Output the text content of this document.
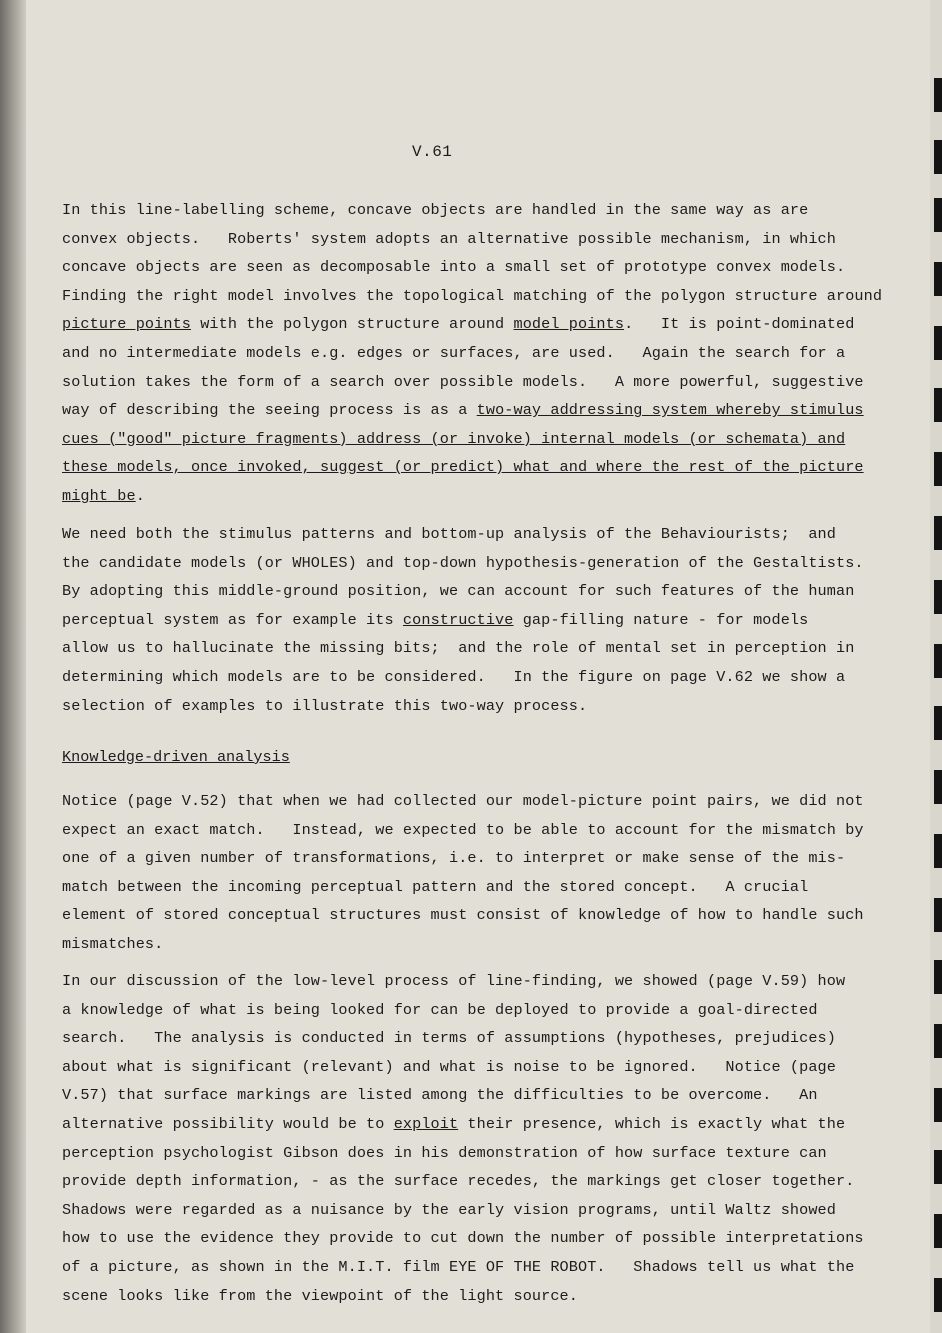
V.61
In this line-labelling scheme, concave objects are handled in the same way as are
convex objects.   Roberts' system adopts an alternative possible mechanism, in which
concave objects are seen as decomposable into a small set of prototype convex models.
Finding the right model involves the topological matching of the polygon structure around
picture points with the polygon structure around model points.   It is point-dominated
and no intermediate models e.g. edges or surfaces, are used.   Again the search for a
solution takes the form of a search over possible models.   A more powerful, suggestive
way of describing the seeing process is as a two-way addressing system whereby stimulus
cues ("good" picture fragments) address (or invoke) internal models (or schemata) and
these models, once invoked, suggest (or predict) what and where the rest of the picture
might be.
We need both the stimulus patterns and bottom-up analysis of the Behaviourists;  and
the candidate models (or WHOLES) and top-down hypothesis-generation of the Gestaltists.
By adopting this middle-ground position, we can account for such features of the human
perceptual system as for example its constructive gap-filling nature - for models
allow us to hallucinate the missing bits;  and the role of mental set in perception in
determining which models are to be considered.   In the figure on page V.62 we show a
selection of examples to illustrate this two-way process.
Knowledge-driven analysis
Notice (page V.52) that when we had collected our model-picture point pairs, we did not
expect an exact match.   Instead, we expected to be able to account for the mismatch by
one of a given number of transformations, i.e. to interpret or make sense of the mis-
match between the incoming perceptual pattern and the stored concept.   A crucial
element of stored conceptual structures must consist of knowledge of how to handle such
mismatches.
In our discussion of the low-level process of line-finding, we showed (page V.59) how
a knowledge of what is being looked for can be deployed to provide a goal-directed
search.   The analysis is conducted in terms of assumptions (hypotheses, prejudices)
about what is significant (relevant) and what is noise to be ignored.   Notice (page
V.57) that surface markings are listed among the difficulties to be overcome.   An
alternative possibility would be to exploit their presence, which is exactly what the
perception psychologist Gibson does in his demonstration of how surface texture can
provide depth information, - as the surface recedes, the markings get closer together.
Shadows were regarded as a nuisance by the early vision programs, until Waltz showed
how to use the evidence they provide to cut down the number of possible interpretations
of a picture, as shown in the M.I.T. film EYE OF THE ROBOT.   Shadows tell us what the
scene looks like from the viewpoint of the light source.
